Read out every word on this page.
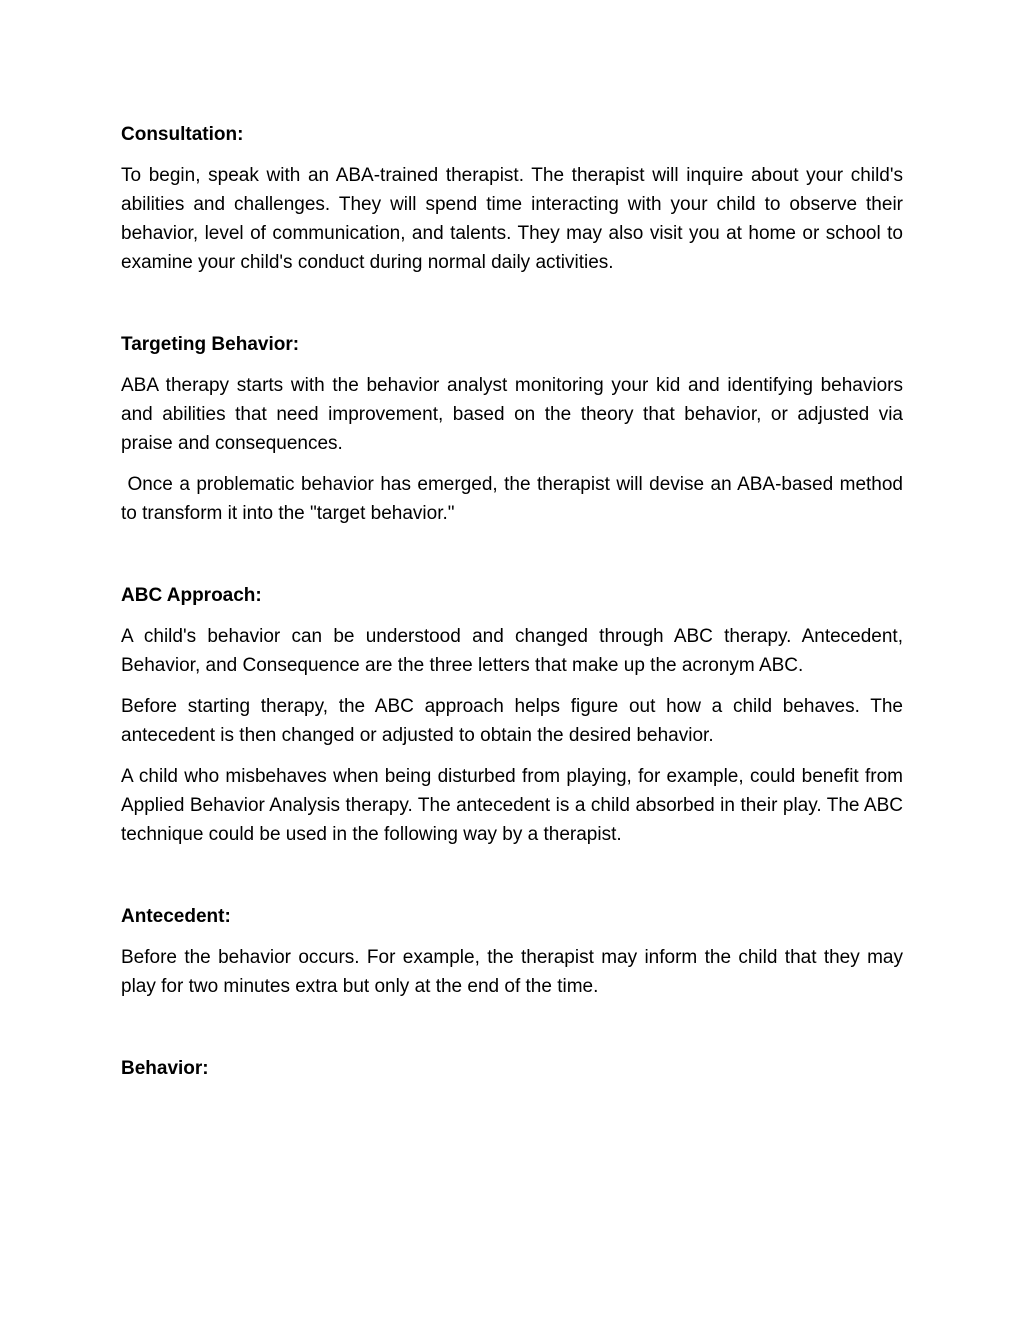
Consultation:

To begin, speak with an ABA-trained therapist. The therapist will inquire about your child's abilities and challenges. They will spend time interacting with your child to observe their behavior, level of communication, and talents. They may also visit you at home or school to examine your child's conduct during normal daily activities.

Targeting Behavior:

ABA therapy starts with the behavior analyst monitoring your kid and identifying behaviors and abilities that need improvement, based on the theory that behavior, or adjusted via praise and consequences.

Once a problematic behavior has emerged, the therapist will devise an ABA-based method to transform it into the "target behavior."

ABC Approach:

A child's behavior can be understood and changed through ABC therapy. Antecedent, Behavior, and Consequence are the three letters that make up the acronym ABC.

Before starting therapy, the ABC approach helps figure out how a child behaves. The antecedent is then changed or adjusted to obtain the desired behavior.

A child who misbehaves when being disturbed from playing, for example, could benefit from Applied Behavior Analysis therapy. The antecedent is a child absorbed in their play. The ABC technique could be used in the following way by a therapist.

Antecedent:

Before the behavior occurs. For example, the therapist may inform the child that they may play for two minutes extra but only at the end of the time.

Behavior:
